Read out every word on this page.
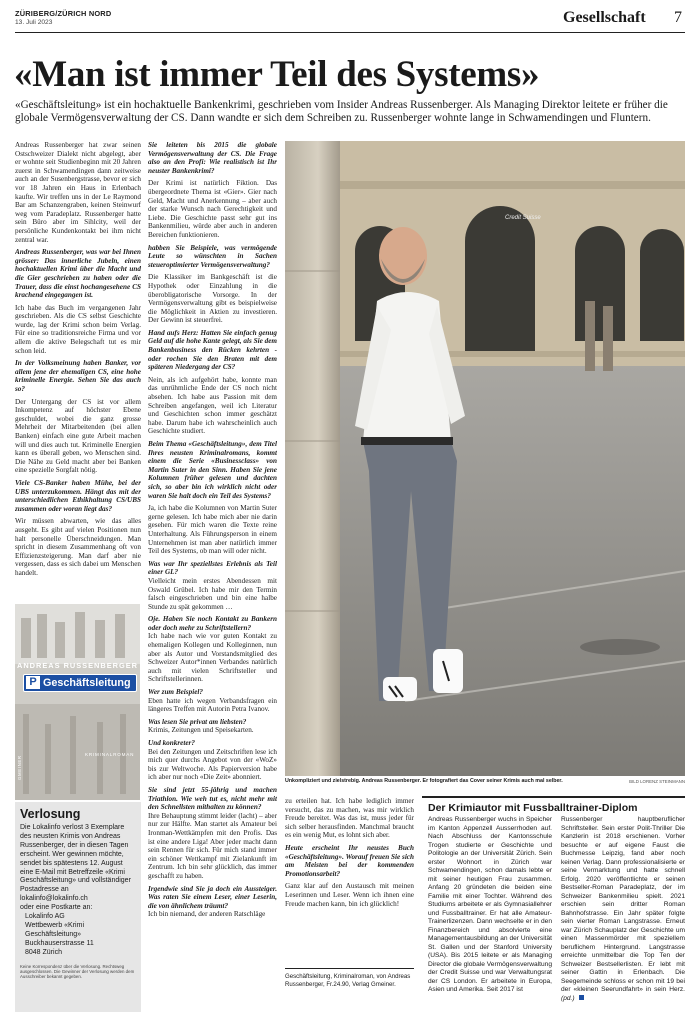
ZÜRIBERG/ZÜRICH NORD
13. Juli 2023	Gesellschaft 7
«Man ist immer Teil des Systems»
«Geschäftsleitung» ist ein hochaktuelle Bankenkrimi, geschrieben vom Insider Andreas Russenberger. Als Managing Direktor leitete er früher die globale Vermögensverwaltung der CS. Dann wandte er sich dem Schreiben zu. Russenberger wohnte lange in Schwamendingen und Fluntern.

Andreas Russenberger hat zwar seinen Ostschweizer Dialekt nicht abgelegt, aber er wohnte seit Studienbeginn mit 20 Jahren zuerst in Schwamendingen dann zeitweise auch an der Susenbergstrasse, bevor er sich vor 18 Jahren ein Haus in Erlenbach kaufte. Wir treffen uns in der Le Raymond Bar am Schanzengraben, keinen Steinwurf weg vom Paradeplatz. Russenberger hatte sein Büro aber im Sihlcity, weil der persönliche Kundenkontakt bei ihm nicht zentral war.

Andreas Russenberger, was war bei Ihnen grösser: Das innerliche Jubeln, einen hochaktuellen Krimi über die Macht und die Gier geschrieben zu haben oder die Trauer, dass die einst hochangesehene CS krachend eingegangen ist.

Ich habe das Buch im vergangenen Jahr geschrieben. Als die CS selbst Geschichte wurde, lag der Krimi schon beim Verlag. Für eine so traditionsreiche Firma und vor allem die aktive Belegschaft tut es mir schon leid.

In der Volksmeinung haben Banker, vor allem jene der ehemaligen CS, eine hohe kriminelle Energie. Sehen Sie das auch so?

Der Untergang der CS ist vor allem Inkompetenz auf höchster Ebene geschuldet, wobei die ganz grosse Mehrheit der Mitarbeitenden (bei allen Banken) einfach eine gute Arbeit machen will und dies auch tut. Kriminelle Energien kann es überall geben, wo Menschen sind. Die Nähe zu Geld macht aber bei Banken eine spezielle Sorgfalt nötig.

Viele CS-Banker haben Mühe, bei der UBS unterzukommen. Hängt das mit der unterschiedlichen Ethikhaltung CS/UBS zusammen oder woran liegt das?

Wir müssen abwarten, wie das alles ausgeht. Es gibt auf vielen Positionen nun halt personelle Überschneidungen. Man spricht in diesem Zusammenhang oft von Effizienzsteigerung. Man darf aber nie vergessen, dass es sich dabei um Menschen handelt.

ANDREAS RUSSENBERGER
P Geschäftsleitung
KRIMINALROMAN
GMEINER
Verlosung
Die Lokalinfo verlost 3 Exemplare des neusten Krimis von Andreas Russenberger, der in diesen Tagen erscheint. Wer gewinnen möchte, sendet bis spätestens 12. August eine E-Mail mit Betreffzeile «Krimi Geschäftsleitung» und vollständiger Postadresse an
lokalinfo@lokalinfo.ch
oder eine Postkarte an:
Lokalinfo AG
Wettbewerb «Krimi Geschäftsleitung»
Buckhauserstrasse 11
8048 Zürich
Keine Korrespondenz über die Verlosung. Rechtsweg ausgeschlossen. Die Gewinner der Verlosung werden dem Ausschreiber bekannt gegeben.

Sie leiteten bis 2015 die globale Vermögensverwaltung der CS. Die Frage also an den Profi: Wie realistisch ist Ihr neuster Bankenkrimi?

Der Krimi ist natürlich Fiktion. Das übergeordnete Thema ist «Gier». Gier nach Geld, Macht und Anerkennung – aber auch der starke Wunsch nach Gerechtigkeit und Liebe. Die Geschichte passt sehr gut ins Bankenmilieu, würde aber auch in anderen Bereichen funktionieren.

habben Sie Beispiele, was vermögende Leute so wünschten in Sachen steueroptimierter Vermögensverwaltung?

Die Klassiker im Bankgeschäft ist die Hypothek oder Einzahlung in die überobligatorische Vorsorge. In der Vermögensverwaltung gibt es beispielweise die Möglichkeit in Aktien zu investieren. Der Gewinn ist steuerfrei.

Hand aufs Herz: Hatten Sie einfach genug Geld auf die hohe Kante gelegt, als Sie dem Bankenbusiness den Rücken kehrten - oder rochen Sie den Braten mit dem späteren Niedergang der CS?

Nein, als ich aufgehört habe, konnte man das unrühmliche Ende der CS noch nicht absehen. Ich habe aus Passion mit dem Schreiben angefangen, weil ich Literatur und Geschichten schon immer geschätzt habe. Darum habe ich wahrscheinlich auch Geschichte studiert.

Beim Thema «Geschäftsleitung», dem Titel Ihres neusten Kriminalromans, kommt einem die Serie «Businessclass» von Martin Suter in den Sinn. Haben Sie jene Kolumnen früher gelesen und dachten sich, so aber bin ich wirklich nicht oder waren Sie halt doch ein Teil des Systems?

Ja, ich habe die Kolumnen von Martin Suter gerne gelesen. Ich habe mich aber nie darin gesehen. Für mich waren die Texte reine Unterhaltung. Als Führungsperson in einem Unternehmen ist man aber natürlich immer Teil des Systems, ob man will oder nicht.

Was war Ihr speziellstes Erlebnis als Teil einer GL?

Vielleicht mein erstes Abendessen mit Oswald Grübel. Ich habe mir den Termin falsch eingeschrieben und bin eine halbe Stunde zu spät gekommen …

Oje. Haben Sie noch Kontakt zu Bankern oder doch mehr zu Schriftstellern?

Ich habe nach wie vor guten Kontakt zu ehemaligen Kollegen und Kolleginnen, nun aber als Autor und Vorstandsmitglied des Schweizer Autor*innen Verbandes natürlich auch mit vielen Schriftsteller und Schriftstellerinnen.

Wer zum Beispiel?

Eben hatte ich wegen Verbandsfragen ein längeres Treffen mit Autorin Petra Ivanov.

Was lesen Sie privat am liebsten?

Krimis, Zeitungen und Speisekarten.

Und konkreter?

Bei den Zeitungen und Zeitschriften lese ich mich quer durchs Angebot von der «WoZ» bis zur Weltwoche. Als Papierversion habe ich aber nur noch «Die Zeit» abonniert.

Sie sind jetzt 55-jährig und machen Triathlon. Wie weh tut es, nicht mehr mit den Schnellsten mithalten zu können?

Ihre Behauptung stimmt leider (lacht) – aber nur zur Hälfte. Man startet als Amateur bei Ironman-Wettkämpfen mit den Profis. Das ist eine andere Liga! Aber jeder macht dann sein Rennen für sich. Für mich stand immer ein schöner Wettkampf mit Zielankunft im Zentrum. Ich bin sehr glücklich, das immer geschafft zu haben.

Irgendwie sind Sie ja doch ein Aussteiger. Was raten Sie einem Leser, einer Leserin, die von ähnlichem träumt?

Ich bin niemand, der anderen Ratschläge

Credit Suisse
Unkompliziert und zielstrebig. Andreas Russenberger. Er fotografiert das Cover seiner Krimis auch mal selber.	BILD LORENZ STEINMANN

zu erteilen hat. Ich habe lediglich immer versucht, das zu machen, was mir wirklich Freude bereitet. Was das ist, muss jeder für sich selber herausfinden. Manchmal braucht es ein wenig Mut, es lohnt sich aber.

Heute erscheint Ihr neustes Buch «Geschäftsleitung». Worauf freuen Sie sich am Meisten bei der kommenden Promotionsarbeit?

Ganz klar auf den Austausch mit meinen Leserinnen und Leser. Wenn ich ihnen eine Freude machen kann, bin ich glücklich!

Geschäftsleitung, Kriminalroman, von Andreas Russenberger, Fr.24.90, Verlag Gmeiner.
Der Krimiautor mit Fussballtrainer-Diplom
Andreas Russenberger wuchs in Speicher im Kanton Appenzell Ausserrhoden auf. Nach Abschluss der Kantonsschule Trogen studierte er Geschichte und Politologie an der Universität Zürich. Sein erster Wohnort in Zürich war Schwamendingen, schon damals lebte er mit seiner heutigen Frau zusammen. Anfang 20 gründeten die beiden eine Familie mit einer Tochter. Während des Studiums arbeitete er als Gymnasiallehrer und Fussballtrainer. Er hat alle Amateur-Trainerlizenzen. Dann wechselte er in den Finanzbereich und absolvierte eine Managementausbildung an der Universität St. Gallen und der Stanford University (USA). Bis 2015 leitete er als Managing Director die globale Vermögensverwaltung der Credit Suisse und war Verwaltungsrat der CS London. Er arbeitete in Europa, Asien und Amerika. Seit 2017 ist
Russenberger hauptberuflicher Schriftsteller. Sein erster Polit-Thriller Die Kanzlerin ist 2018 erschienen. Vorher besuchte er auf eigene Faust die Buchmesse Leipzig, fand aber noch keinen Verlag. Dann professionalisierte er seine Vermarktung und hatte schnell Erfolg. 2020 veröffentlichte er seinen Bestseller-Roman Paradeplatz, der im Schweizer Bankenmilieu spielt. 2021 erschien sein dritter Roman Bahnhofstrasse. Ein Jahr später folgte sein vierter Roman Langstrasse. Erneut war Zürich Schauplatz der Geschichte um einen Massenmörder mit speziellem beruflichem Hintergrund. Langstrasse erreichte unmittelbar die Top Ten der Schweizer Bestsellerlisten. Er lebt mit seiner Gattin in Erlenbach. Die Seegemeinde schloss er schon mit 19 bei der «kleinen Seerundfahrt» in sein Herz. (pd.)
